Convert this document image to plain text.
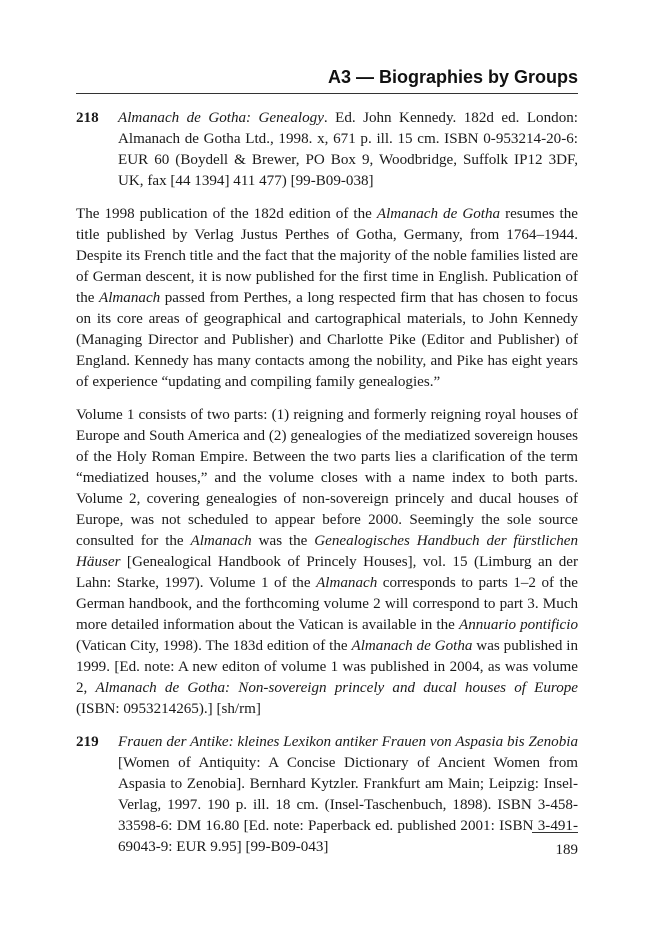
A3 — Biographies by Groups
218 Almanach de Gotha: Genealogy. Ed. John Kennedy. 182d ed. London: Almanach de Gotha Ltd., 1998. x, 671 p. ill. 15 cm. ISBN 0-953214-20-6: EUR 60 (Boydell & Brewer, PO Box 9, Woodbridge, Suffolk IP12 3DF, UK, fax [44 1394] 411 477) [99-B09-038]

The 1998 publication of the 182d edition of the Almanach de Gotha resumes the title published by Verlag Justus Perthes of Gotha, Germany, from 1764–1944. Despite its French title and the fact that the majority of the noble families listed are of German descent, it is now published for the first time in English. Publication of the Almanach passed from Perthes, a long respected firm that has chosen to focus on its core areas of geographical and cartographical materials, to John Kennedy (Managing Director and Publisher) and Charlotte Pike (Editor and Publisher) of England. Kennedy has many contacts among the nobility, and Pike has eight years of experience “updating and compiling family genealogies.”

Volume 1 consists of two parts: (1) reigning and formerly reigning royal houses of Europe and South America and (2) genealogies of the mediatized sovereign houses of the Holy Roman Empire. Between the two parts lies a clarification of the term “mediatized houses,” and the volume closes with a name index to both parts. Volume 2, covering genealogies of non-sovereign princely and ducal houses of Europe, was not scheduled to appear before 2000. Seemingly the sole source consulted for the Almanach was the Genealogisches Handbuch der fürstlichen Häuser [Genealogical Handbook of Princely Houses], vol. 15 (Limburg an der Lahn: Starke, 1997). Volume 1 of the Almanach corresponds to parts 1–2 of the German handbook, and the forthcoming volume 2 will correspond to part 3. Much more detailed information about the Vatican is available in the Annuario pontificio (Vatican City, 1998). The 183d edition of the Almanach de Gotha was published in 1999. [Ed. note: A new editon of volume 1 was published in 2004, as was volume 2, Almanach de Gotha: Non-sovereign princely and ducal houses of Europe (ISBN: 0953214265).] [sh/rm]

219 Frauen der Antike: kleines Lexikon antiker Frauen von Aspasia bis Zenobia [Women of Antiquity: A Concise Dictionary of Ancient Women from Aspasia to Zenobia]. Bernhard Kytzler. Frankfurt am Main; Leipzig: Insel-Verlag, 1997. 190 p. ill. 18 cm. (Insel-Taschenbuch, 1898). ISBN 3-458-33598-6: DM 16.80 [Ed. note: Paperback ed. published 2001: ISBN 3-491-69043-9: EUR 9.95] [99-B09-043]	189
